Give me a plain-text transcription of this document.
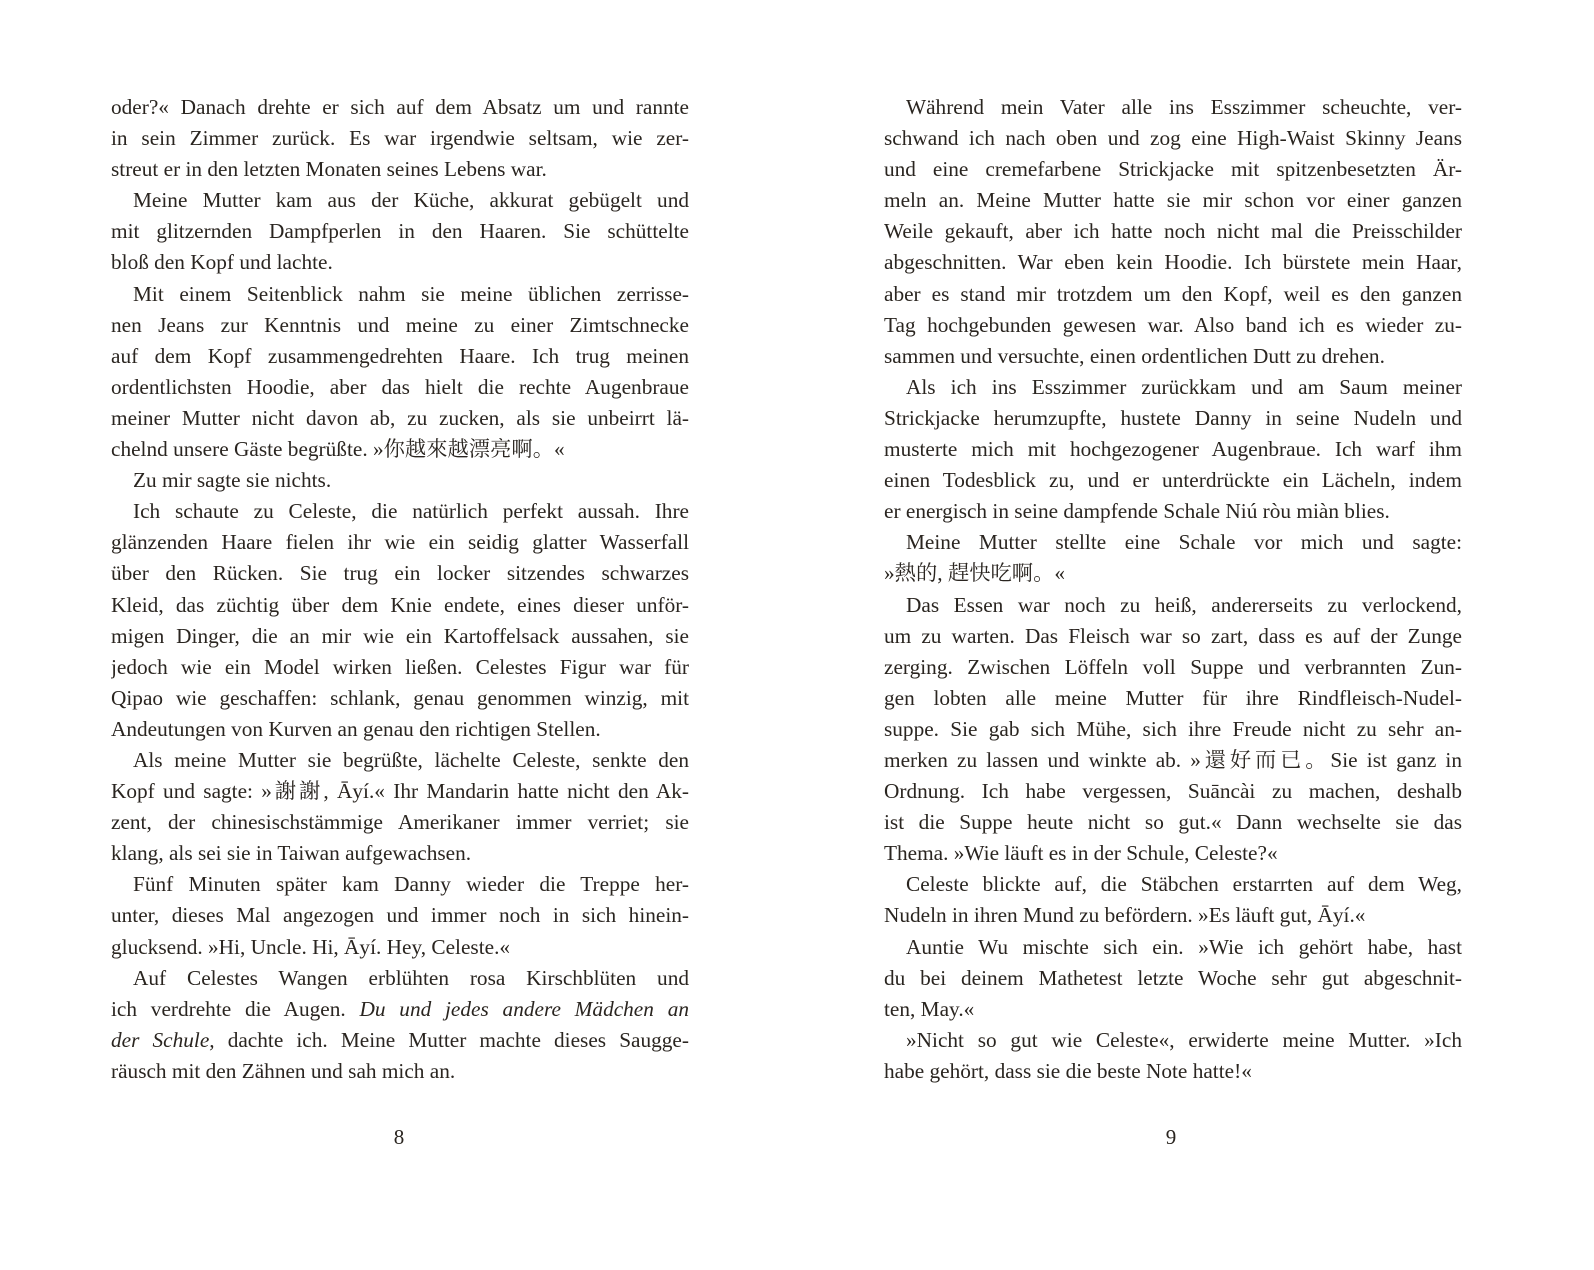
oder?« Danach drehte er sich auf dem Absatz um und rannte
in sein Zimmer zurück. Es war irgendwie seltsam, wie zer-
streut er in den letzten Monaten seines Lebens war.
Meine Mutter kam aus der Küche, akkurat gebügelt und
mit glitzernden Dampfperlen in den Haaren. Sie schüttelte
bloß den Kopf und lachte.
Mit einem Seitenblick nahm sie meine üblichen zerrisse-
nen Jeans zur Kenntnis und meine zu einer Zimtschnecke
auf dem Kopf zusammengedrehten Haare. Ich trug meinen
ordentlichsten Hoodie, aber das hielt die rechte Augenbraue
meiner Mutter nicht davon ab, zu zucken, als sie unbeirrt lä-
chelnd unsere Gäste begrüßte. »你越來越漂亮啊。«
Zu mir sagte sie nichts.
Ich schaute zu Celeste, die natürlich perfekt aussah. Ihre
glänzenden Haare fielen ihr wie ein seidig glatter Wasserfall
über den Rücken. Sie trug ein locker sitzendes schwarzes
Kleid, das züchtig über dem Knie endete, eines dieser unför-
migen Dinger, die an mir wie ein Kartoffelsack aussahen, sie
jedoch wie ein Model wirken ließen. Celestes Figur war für
Qipao wie geschaffen: schlank, genau genommen winzig, mit
Andeutungen von Kurven an genau den richtigen Stellen.
Als meine Mutter sie begrüßte, lächelte Celeste, senkte den
Kopf und sagte: »謝謝, Āyí.« Ihr Mandarin hatte nicht den Ak-
zent, der chinesischstämmige Amerikaner immer verriet; sie
klang, als sei sie in Taiwan aufgewachsen.
Fünf Minuten später kam Danny wieder die Treppe her-
unter, dieses Mal angezogen und immer noch in sich hinein-
glucksend. »Hi, Uncle. Hi, Āyí. Hey, Celeste.«
Auf Celestes Wangen erblühten rosa Kirschblüten und
ich verdrehte die Augen. Du und jedes andere Mädchen an
der Schule, dachte ich. Meine Mutter machte dieses Saugge-
räusch mit den Zähnen und sah mich an.
8
Während mein Vater alle ins Esszimmer scheuchte, ver-
schwand ich nach oben und zog eine High-Waist Skinny Jeans
und eine cremefarbene Strickjacke mit spitzenbesetzten Är-
meln an. Meine Mutter hatte sie mir schon vor einer ganzen
Weile gekauft, aber ich hatte noch nicht mal die Preisschilder
abgeschnitten. War eben kein Hoodie. Ich bürstete mein Haar,
aber es stand mir trotzdem um den Kopf, weil es den ganzen
Tag hochgebunden gewesen war. Also band ich es wieder zu-
sammen und versuchte, einen ordentlichen Dutt zu drehen.
Als ich ins Esszimmer zurückkam und am Saum meiner
Strickjacke herumzupfte, hustete Danny in seine Nudeln und
musterte mich mit hochgezogener Augenbraue. Ich warf ihm
einen Todesblick zu, und er unterdrückte ein Lächeln, indem
er energisch in seine dampfende Schale Niú ròu miàn blies.
Meine Mutter stellte eine Schale vor mich und sagte:
»熱的, 趕快吃啊。«
Das Essen war noch zu heiß, andererseits zu verlockend,
um zu warten. Das Fleisch war so zart, dass es auf der Zunge
zerging. Zwischen Löffeln voll Suppe und verbrannten Zun-
gen lobten alle meine Mutter für ihre Rindfleisch-Nudel-
suppe. Sie gab sich Mühe, sich ihre Freude nicht zu sehr an-
merken zu lassen und winkte ab. »還好而已。Sie ist ganz in
Ordnung. Ich habe vergessen, Suāncài zu machen, deshalb
ist die Suppe heute nicht so gut.« Dann wechselte sie das
Thema. »Wie läuft es in der Schule, Celeste?«
Celeste blickte auf, die Stäbchen erstarrten auf dem Weg,
Nudeln in ihren Mund zu befördern. »Es läuft gut, Āyí.«
Auntie Wu mischte sich ein. »Wie ich gehört habe, hast
du bei deinem Mathetest letzte Woche sehr gut abgeschnit-
ten, May.«
»Nicht so gut wie Celeste«, erwiderte meine Mutter. »Ich
habe gehört, dass sie die beste Note hatte!«
9
